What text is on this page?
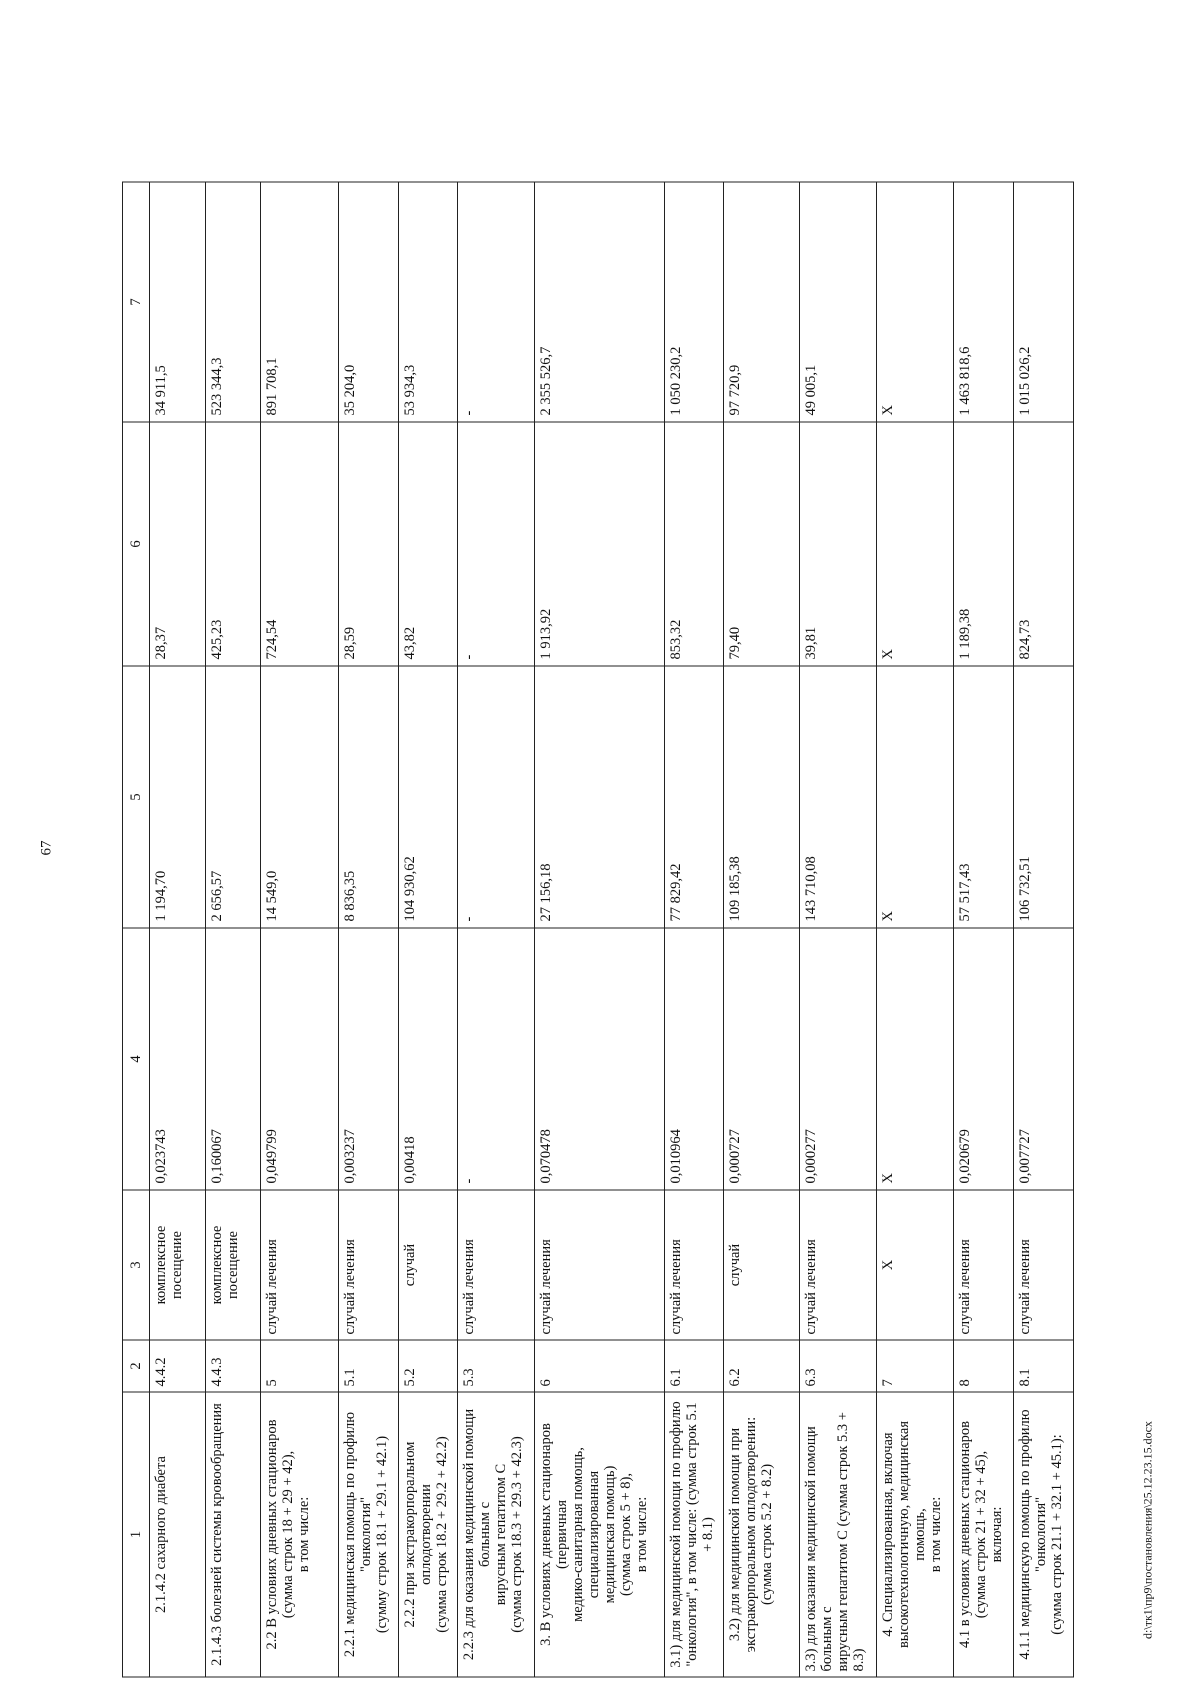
67
1	2	3	4	5	6	7

2.1.4.2 сахарного диабета	4.4.2	комплексное посещение	0,023743	1 194,70	28,37	34 911,5

2.1.4.3 болезней системы кровообращения	4.4.3	комплексное посещение	0,160067	2 656,57	425,23	523 344,3

2.2 В условиях дневных стационаров (сумма строк 18 + 29 + 42), в том числе:	5	случай лечения	0,049799	14 549,0	724,54	891 708,1

2.2.1 медицинская помощь по профилю "онкология" (сумму строк 18.1 + 29.1 + 42.1)	5.1	случай лечения	0,003237	8 836,35	28,59	35 204,0

2.2.2 при экстракорпоральном оплодотворении (сумма строк 18.2 + 29.2 + 42.2)	5.2	случай	0,00418	104 930,62	43,82	53 934,3

2.2.3 для оказания медицинской помощи больным с вирусным гепатитом С (сумма строк 18.3 + 29.3 + 42.3)	5.3	случай лечения	-	-	-	-

3. В условиях дневных стационаров (первичная медико-санитарная помощь, специализированная медицинская помощь) (сумма строк 5 + 8), в том числе:	6	случай лечения	0,070478	27 156,18	1 913,92	2 355 526,7

3.1) для медицинской помощи по профилю "онкология", в том числе: (сумма строк 5.1 + 8.1)	6.1	случай лечения	0,010964	77 829,42	853,32	1 050 230,2

3.2) для медицинской помощи при экстракорпоральном оплодотворении: (сумма строк 5.2 + 8.2)	6.2	случай	0,000727	109 185,38	79,40	97 720,9

3.3) для оказания медицинской помощи больным с вирусным гепатитом С (сумма строк 5.3 + 8.3)	6.3	случай лечения	0,000277	143 710,08	39,81	49 005,1

4. Специализированная, включая высокотехнологичную, медицинская помощь, в том числе:	7	Х	Х	Х	Х	Х

4.1 в условиях дневных стационаров (сумма строк 21 + 32 + 45), включая:	8	случай лечения	0,020679	57 517,43	1 189,38	1 463 818,6

4.1.1 медицинскую помощь по профилю "онкология" (сумма строк 21.1 + 32.1 + 45.1):	8.1	случай лечения	0,007727	106 732,51	824,73	1 015 026,2
d:\тк1\пр9\постановления\25.12.23.15.docx
